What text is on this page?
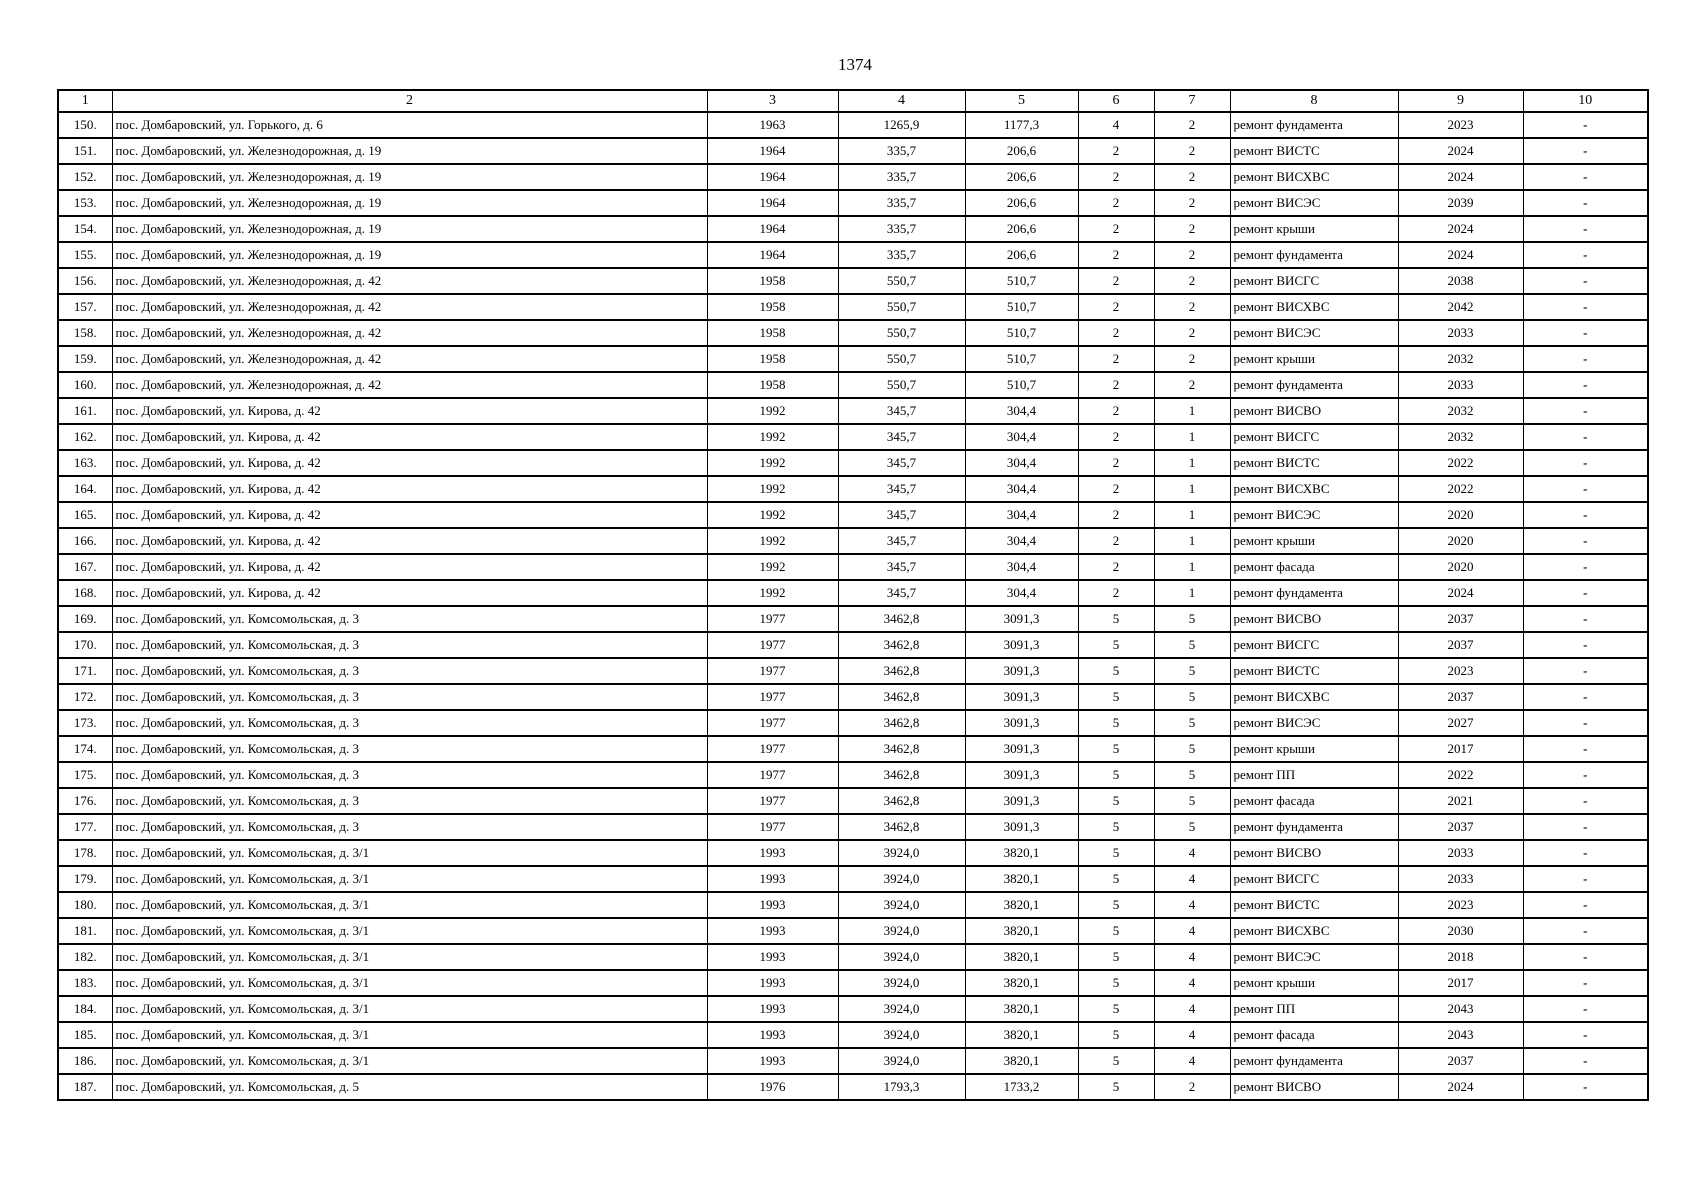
1374
1	2	3	4	5	6	7	8	9	10
150.	пос. Домбаровский, ул. Горького, д. 6	1963	1265,9	1177,3	4	2	ремонт фундамента	2023	-
151.	пос. Домбаровский, ул. Железнодорожная, д. 19	1964	335,7	206,6	2	2	ремонт ВИСТС	2024	-
152.	пос. Домбаровский, ул. Железнодорожная, д. 19	1964	335,7	206,6	2	2	ремонт ВИСХВС	2024	-
153.	пос. Домбаровский, ул. Железнодорожная, д. 19	1964	335,7	206,6	2	2	ремонт ВИСЭС	2039	-
154.	пос. Домбаровский, ул. Железнодорожная, д. 19	1964	335,7	206,6	2	2	ремонт крыши	2024	-
155.	пос. Домбаровский, ул. Железнодорожная, д. 19	1964	335,7	206,6	2	2	ремонт фундамента	2024	-
156.	пос. Домбаровский, ул. Железнодорожная, д. 42	1958	550,7	510,7	2	2	ремонт ВИСГС	2038	-
157.	пос. Домбаровский, ул. Железнодорожная, д. 42	1958	550,7	510,7	2	2	ремонт ВИСХВС	2042	-
158.	пос. Домбаровский, ул. Железнодорожная, д. 42	1958	550,7	510,7	2	2	ремонт ВИСЭС	2033	-
159.	пос. Домбаровский, ул. Железнодорожная, д. 42	1958	550,7	510,7	2	2	ремонт крыши	2032	-
160.	пос. Домбаровский, ул. Железнодорожная, д. 42	1958	550,7	510,7	2	2	ремонт фундамента	2033	-
161.	пос. Домбаровский, ул. Кирова, д. 42	1992	345,7	304,4	2	1	ремонт ВИСВО	2032	-
162.	пос. Домбаровский, ул. Кирова, д. 42	1992	345,7	304,4	2	1	ремонт ВИСГС	2032	-
163.	пос. Домбаровский, ул. Кирова, д. 42	1992	345,7	304,4	2	1	ремонт ВИСТС	2022	-
164.	пос. Домбаровский, ул. Кирова, д. 42	1992	345,7	304,4	2	1	ремонт ВИСХВС	2022	-
165.	пос. Домбаровский, ул. Кирова, д. 42	1992	345,7	304,4	2	1	ремонт ВИСЭС	2020	-
166.	пос. Домбаровский, ул. Кирова, д. 42	1992	345,7	304,4	2	1	ремонт крыши	2020	-
167.	пос. Домбаровский, ул. Кирова, д. 42	1992	345,7	304,4	2	1	ремонт фасада	2020	-
168.	пос. Домбаровский, ул. Кирова, д. 42	1992	345,7	304,4	2	1	ремонт фундамента	2024	-
169.	пос. Домбаровский, ул. Комсомольская, д. 3	1977	3462,8	3091,3	5	5	ремонт ВИСВО	2037	-
170.	пос. Домбаровский, ул. Комсомольская, д. 3	1977	3462,8	3091,3	5	5	ремонт ВИСГС	2037	-
171.	пос. Домбаровский, ул. Комсомольская, д. 3	1977	3462,8	3091,3	5	5	ремонт ВИСТС	2023	-
172.	пос. Домбаровский, ул. Комсомольская, д. 3	1977	3462,8	3091,3	5	5	ремонт ВИСХВС	2037	-
173.	пос. Домбаровский, ул. Комсомольская, д. 3	1977	3462,8	3091,3	5	5	ремонт ВИСЭС	2027	-
174.	пос. Домбаровский, ул. Комсомольская, д. 3	1977	3462,8	3091,3	5	5	ремонт крыши	2017	-
175.	пос. Домбаровский, ул. Комсомольская, д. 3	1977	3462,8	3091,3	5	5	ремонт ПП	2022	-
176.	пос. Домбаровский, ул. Комсомольская, д. 3	1977	3462,8	3091,3	5	5	ремонт фасада	2021	-
177.	пос. Домбаровский, ул. Комсомольская, д. 3	1977	3462,8	3091,3	5	5	ремонт фундамента	2037	-
178.	пос. Домбаровский, ул. Комсомольская, д. 3/1	1993	3924,0	3820,1	5	4	ремонт ВИСВО	2033	-
179.	пос. Домбаровский, ул. Комсомольская, д. 3/1	1993	3924,0	3820,1	5	4	ремонт ВИСГС	2033	-
180.	пос. Домбаровский, ул. Комсомольская, д. 3/1	1993	3924,0	3820,1	5	4	ремонт ВИСТС	2023	-
181.	пос. Домбаровский, ул. Комсомольская, д. 3/1	1993	3924,0	3820,1	5	4	ремонт ВИСХВС	2030	-
182.	пос. Домбаровский, ул. Комсомольская, д. 3/1	1993	3924,0	3820,1	5	4	ремонт ВИСЭС	2018	-
183.	пос. Домбаровский, ул. Комсомольская, д. 3/1	1993	3924,0	3820,1	5	4	ремонт крыши	2017	-
184.	пос. Домбаровский, ул. Комсомольская, д. 3/1	1993	3924,0	3820,1	5	4	ремонт ПП	2043	-
185.	пос. Домбаровский, ул. Комсомольская, д. 3/1	1993	3924,0	3820,1	5	4	ремонт фасада	2043	-
186.	пос. Домбаровский, ул. Комсомольская, д. 3/1	1993	3924,0	3820,1	5	4	ремонт фундамента	2037	-
187.	пос. Домбаровский, ул. Комсомольская, д. 5	1976	1793,3	1733,2	5	2	ремонт ВИСВО	2024	-
